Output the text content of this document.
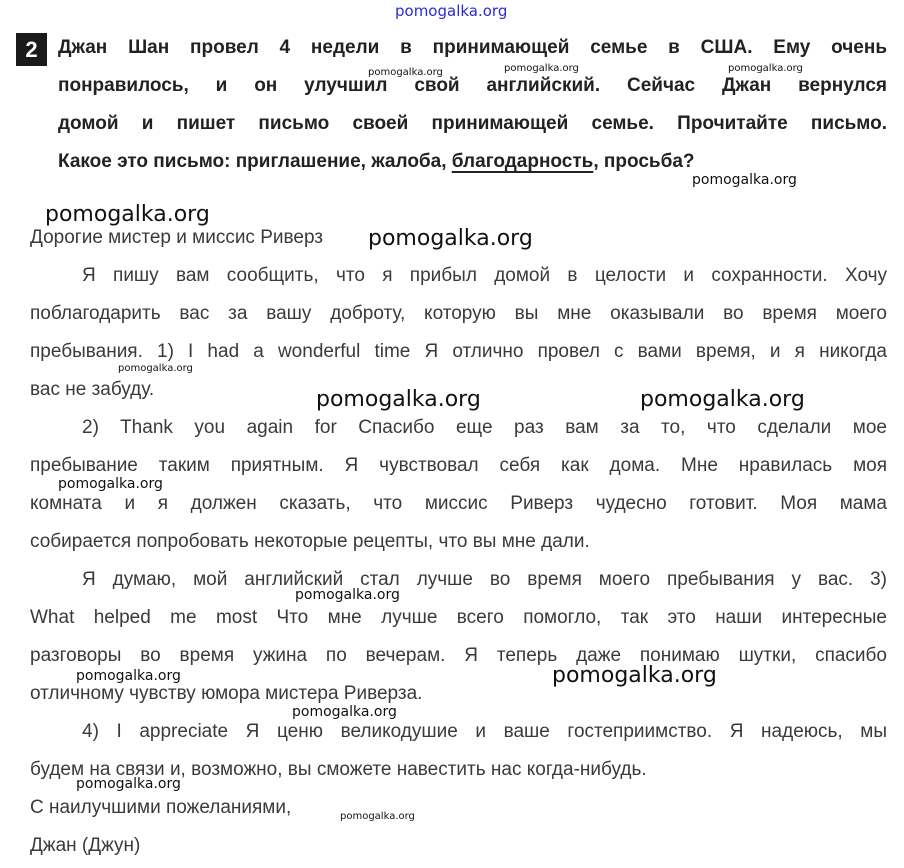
pomogalka.org
2	Джан Шан провел 4 недели в принимающей семье в США. Ему очень
понравилось, и он улучшил свой английский. Сейчас Джан вернулся
домой и пишет письмо своей принимающей семье. Прочитайте письмо.
Какое это письмо: приглашение, жалоба, благодарность, просьба?
Дорогие мистер и миссис Риверз
Я пишу вам сообщить, что я прибыл домой в целости и сохранности. Хочу
поблагодарить вас за вашу доброту, которую вы мне оказывали во время моего
пребывания. 1) I had a wonderful time Я отлично провел с вами время, и я никогда
вас не забуду.
2) Thank you again for Спасибо еще раз вам за то, что сделали мое
пребывание таким приятным. Я чувствовал себя как дома. Мне нравилась моя
комната и я должен сказать, что миссис Риверз чудесно готовит. Моя мама
собирается попробовать некоторые рецепты, что вы мне дали.
Я думаю, мой английский стал лучше во время моего пребывания у вас. 3)
What helped me most Что мне лучше всего помогло, так это наши интересные
разговоры во время ужина по вечерам. Я теперь даже понимаю шутки, спасибо
отличному чувству юмора мистера Риверза.
4) I appreciate Я ценю великодушие и ваше гостеприимство. Я надеюсь, мы
будем на связи и, возможно, вы сможете навестить нас когда-нибудь.
С наилучшими пожеланиями,
Джан (Джун)
pomogalka.org	pomogalka.org	pomogalka.org
pomogalka.org
pomogalka.org
pomogalka.org
pomogalka.org
pomogalka.org	pomogalka.org
pomogalka.org
pomogalka.org
pomogalka.org	pomogalka.org
pomogalka.org
pomogalka.org
pomogalka.org
